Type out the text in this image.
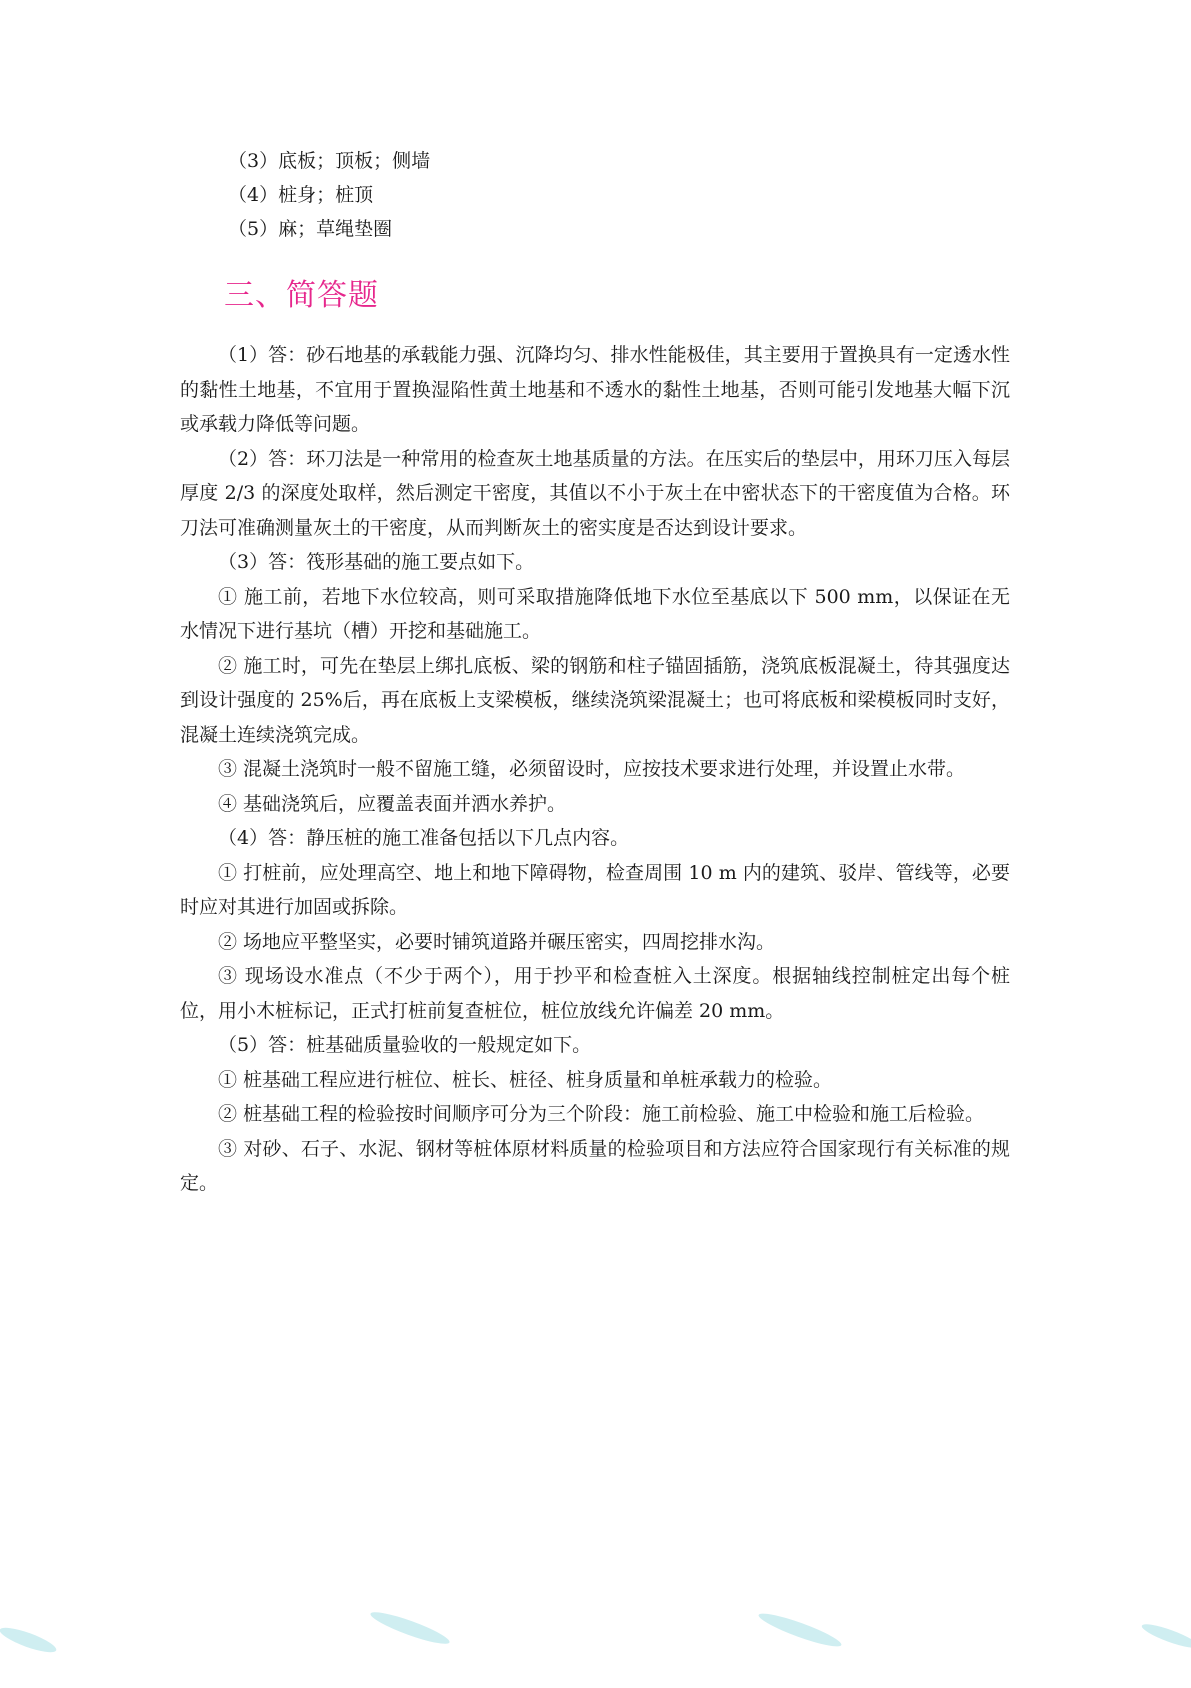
（3）底板；顶板；侧墙
（4）桩身；桩顶
（5）麻；草绳垫圈
三、简答题

（1）答：砂石地基的承载能力强、沉降均匀、排水性能极佳，其主要用于置换具有一定透水性的黏性土地基，不宜用于置换湿陷性黄土地基和不透水的黏性土地基，否则可能引发地基大幅下沉或承载力降低等问题。

（2）答：环刀法是一种常用的检查灰土地基质量的方法。在压实后的垫层中，用环刀压入每层厚度 2/3 的深度处取样，然后测定干密度，其值以不小于灰土在中密状态下的干密度值为合格。环刀法可准确测量灰土的干密度，从而判断灰土的密实度是否达到设计要求。

（3）答：筏形基础的施工要点如下。

① 施工前，若地下水位较高，则可采取措施降低地下水位至基底以下 500 mm，以保证在无水情况下进行基坑（槽）开挖和基础施工。

② 施工时，可先在垫层上绑扎底板、梁的钢筋和柱子锚固插筋，浇筑底板混凝土，待其强度达到设计强度的 25%后，再在底板上支梁模板，继续浇筑梁混凝土；也可将底板和梁模板同时支好，混凝土连续浇筑完成。

③ 混凝土浇筑时一般不留施工缝，必须留设时，应按技术要求进行处理，并设置止水带。

④ 基础浇筑后，应覆盖表面并洒水养护。

（4）答：静压桩的施工准备包括以下几点内容。

① 打桩前，应处理高空、地上和地下障碍物，检查周围 10 m 内的建筑、驳岸、管线等，必要时应对其进行加固或拆除。

② 场地应平整坚实，必要时铺筑道路并碾压密实，四周挖排水沟。

③ 现场设水准点（不少于两个），用于抄平和检查桩入土深度。根据轴线控制桩定出每个桩位，用小木桩标记，正式打桩前复查桩位，桩位放线允许偏差 20 mm。

（5）答：桩基础质量验收的一般规定如下。

① 桩基础工程应进行桩位、桩长、桩径、桩身质量和单桩承载力的检验。

② 桩基础工程的检验按时间顺序可分为三个阶段：施工前检验、施工中检验和施工后检验。

③ 对砂、石子、水泥、钢材等桩体原材料质量的检验项目和方法应符合国家现行有关标准的规定。
